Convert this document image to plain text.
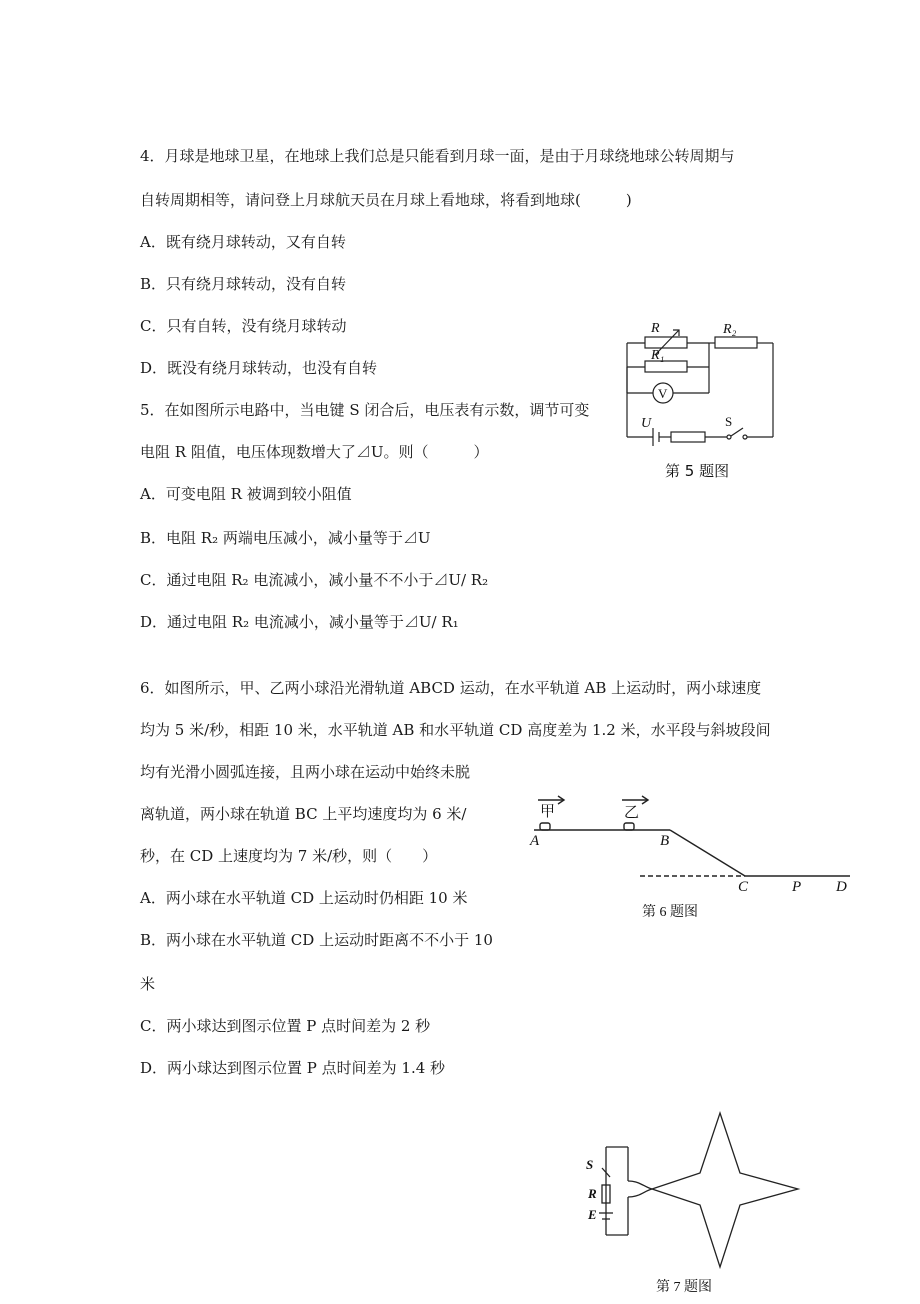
4．月球是地球卫星，在地球上我们总是只能看到月球一面，是由于月球绕地球公转周期与
自转周期相等，请问登上月球航天员在月球上看地球，将看到地球(　　　)
A．既有绕月球转动，又有自转
B．只有绕月球转动，没有自转
C．只有自转，没有绕月球转动
D．既没有绕月球转动，也没有自转
5．在如图所示电路中，当电键 S 闭合后，电压表有示数，调节可变
电阻 R 阻值，电压体现数增大了⊿U。则（　　　）
A．可变电阻 R 被调到较小阻值
B．电阻 R₂ 两端电压减小，减小量等于⊿U
C．通过电阻 R₂ 电流减小，减小量不不小于⊿U/ R₂
D．通过电阻 R₂ 电流减小，减小量等于⊿U/ R₁
R
R₁
R₂
U
V
S
第 5 题图
6．如图所示，甲、乙两小球沿光滑轨道 ABCD 运动，在水平轨道 AB 上运动时，两小球速度
均为 5 米/秒，相距 10 米，水平轨道 AB 和水平轨道 CD 高度差为 1.2 米，水平段与斜坡段间
均有光滑小圆弧连接，且两小球在运动中始终未脱
离轨道，两小球在轨道 BC 上平均速度均为 6 米/
秒，在 CD 上速度均为 7 米/秒，则（　　）
A．两小球在水平轨道 CD 上运动时仍相距 10 米
B．两小球在水平轨道 CD 上运动时距离不不小于 10
米
C．两小球达到图示位置 P 点时间差为 2 秒
D．两小球达到图示位置 P 点时间差为 1.4 秒
甲	乙
A	B
C	P D
第 6 题图
S
R
E
第 7 题图
